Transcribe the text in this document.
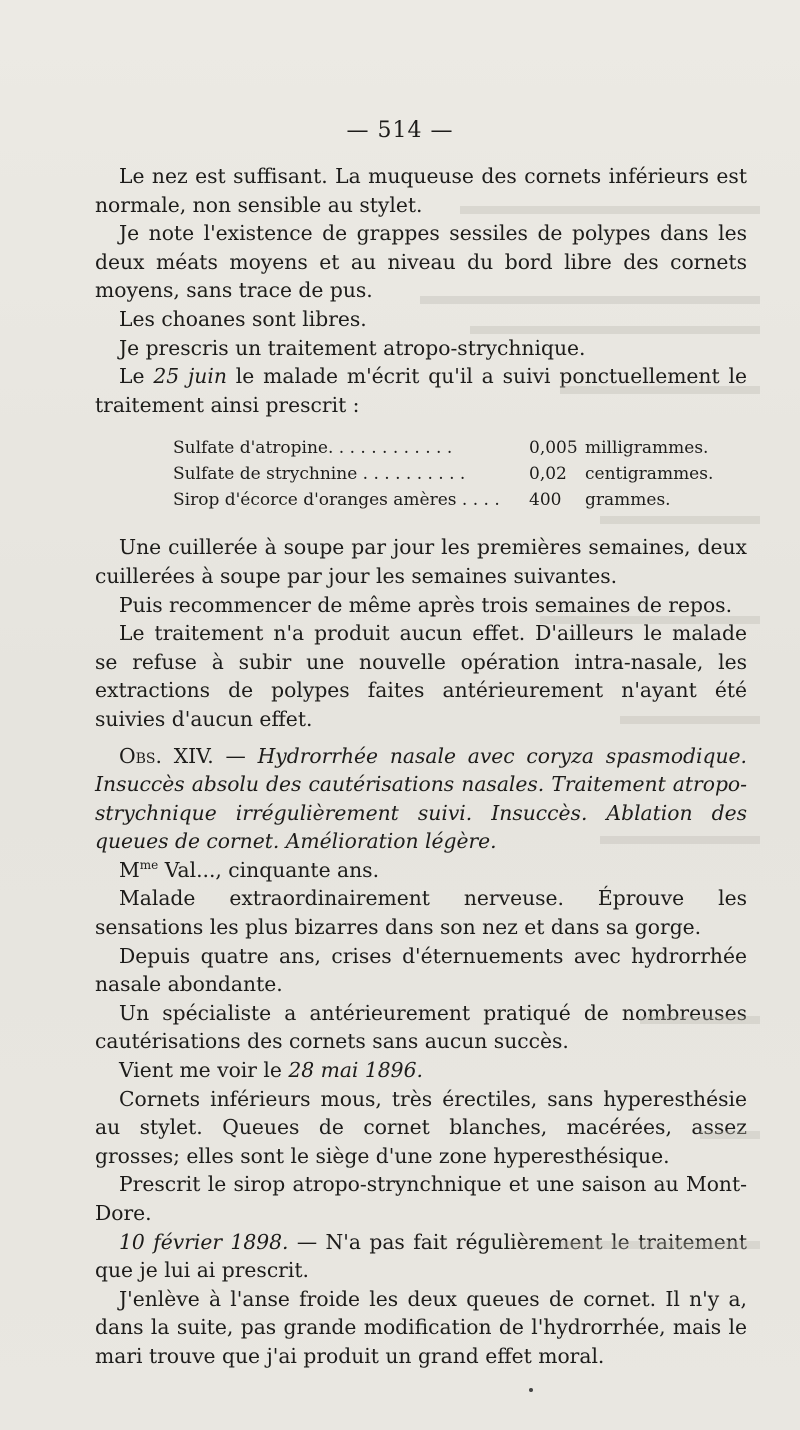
— 514 —

Le nez est suffisant. La muqueuse des cornets inférieurs est normale, non sensible au stylet.

Je note l'existence de grappes sessiles de polypes dans les deux méats moyens et au niveau du bord libre des cornets moyens, sans trace de pus.

Les choanes sont libres.

Je prescris un traitement atropo-strychnique.

Le 25 juin le malade m'écrit qu'il a suivi ponctuellement le traitement ainsi prescrit :

Sulfate d'atropine. . . . . . . . . . . .	0,005 milligrammes.
Sulfate de strychnine . . . . . . . . . .	0,02	centigrammes.
Sirop d'écorce d'oranges amères . . . .	400	grammes.

Une cuillerée à soupe par jour les premières semaines, deux cuillerées à soupe par jour les semaines suivantes.

Puis recommencer de même après trois semaines de repos.

Le traitement n'a produit aucun effet. D'ailleurs le malade se refuse à subir une nouvelle opération intra-nasale, les extractions de polypes faites antérieurement n'ayant été suivies d'aucun effet.

Obs. XIV. — Hydrorrhée nasale avec coryza spasmodique. Insuccès absolu des cautérisations nasales. Traitement atropo-strychnique irrégulièrement suivi. Insuccès. Ablation des queues de cornet. Amélioration légère.

$M^{me}$ Val..., cinquante ans.

Malade extraordinairement nerveuse. Éprouve les sensations les plus bizarres dans son nez et dans sa gorge.

Depuis quatre ans, crises d'éternuements avec hydrorrhée nasale abondante.

Un spécialiste a antérieurement pratiqué de nombreuses cautérisations des cornets sans aucun succès.

Vient me voir le 28 mai 1896.

Cornets inférieurs mous, très érectiles, sans hyperesthésie au stylet. Queues de cornet blanches, macérées, assez grosses; elles sont le siège d'une zone hyperesthésique.

Prescrit le sirop atropo-strynchnique et une saison au Mont-Dore.

10 février 1898. — N'a pas fait régulièrement le traitement que je lui ai prescrit.

J'enlève à l'anse froide les deux queues de cornet. Il n'y a, dans la suite, pas grande modification de l'hydrorrhée, mais le mari trouve que j'ai produit un grand effet moral.
